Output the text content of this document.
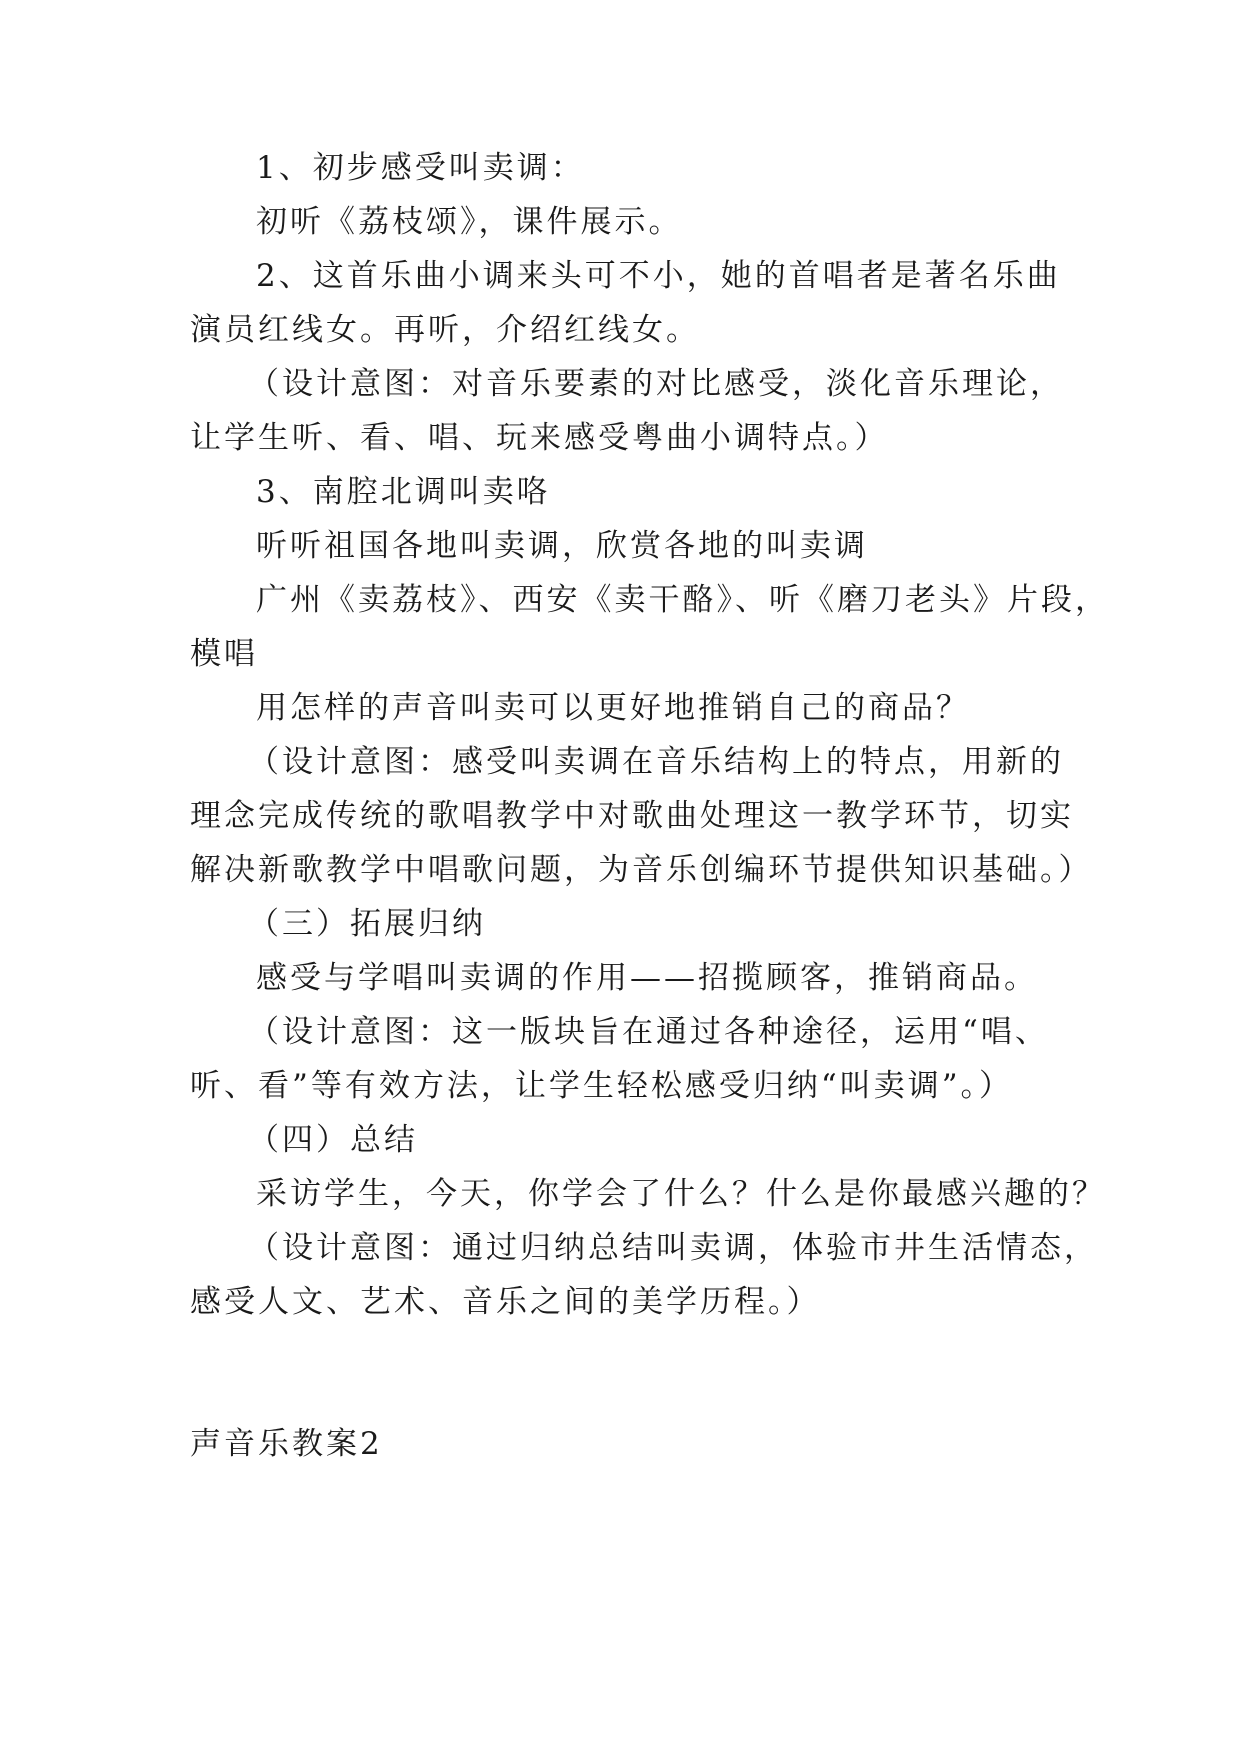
1、初步感受叫卖调：
初听《荔枝颂》，课件展示。
2、这首乐曲小调来头可不小，她的首唱者是著名乐曲
演员红线女。再听，介绍红线女。
（设计意图：对音乐要素的对比感受，淡化音乐理论，
让学生听、看、唱、玩来感受粤曲小调特点。）
3、南腔北调叫卖咯
听听祖国各地叫卖调，欣赏各地的叫卖调
广州《卖荔枝》、西安《卖干酪》、听《磨刀老头》片段，
模唱
用怎样的声音叫卖可以更好地推销自己的商品？
（设计意图：感受叫卖调在音乐结构上的特点，用新的
理念完成传统的歌唱教学中对歌曲处理这一教学环节，切实
解决新歌教学中唱歌问题，为音乐创编环节提供知识基础。）
（三）拓展归纳
感受与学唱叫卖调的作用——招揽顾客，推销商品。
（设计意图：这一版块旨在通过各种途径，运用“唱、
听、看”等有效方法，让学生轻松感受归纳“叫卖调”。）
（四）总结
采访学生，今天，你学会了什么？什么是你最感兴趣的？
（设计意图：通过归纳总结叫卖调，体验市井生活情态，
感受人文、艺术、音乐之间的美学历程。）
声音乐教案2
